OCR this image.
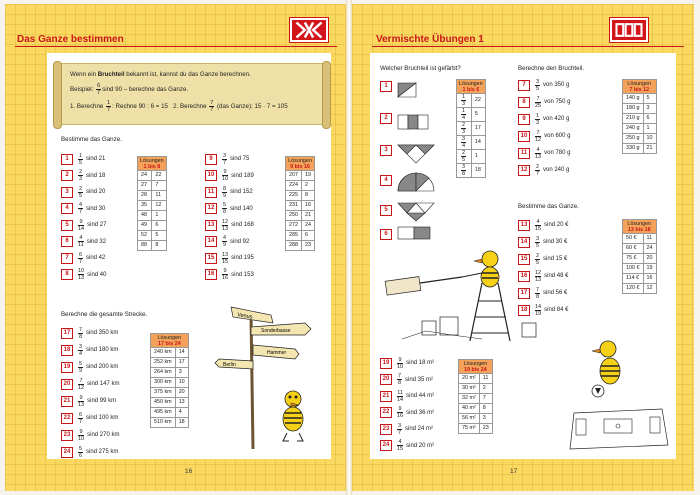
Das Ganze bestimmen
Wenn ein Bruchteil bekannt ist, kannst du das Ganze berechnen.
Beispiel: $\frac{6}{7}$ sind 90 – berechne das Ganze.
1. Berechne $\frac{1}{7}$ : Rechne 90 : 6 = 15 2. Berechne $\frac{7}{7} (das$ Ganze): 15 · 7 = 105
Bestimme das Ganze.
1	$\frac{1}{5}$ sind 21
2	$\frac{2}{3}$ sind 18
3	$\frac{2}{5}$ sind 20
4	$\frac{4}{7}$ sind 30
5	$\frac{9}{14}$ sind 27
6	$\frac{4}{11}$ sind 32
7	$\frac{6}{7}$ sind 42
8	$\frac{10}{13}$ sind 40
Lösungen
1 bis 8	

24	22
27	7
28	11
35	12
48	1
49	6
52	5
88	8
9	$\frac{3}{7}$ sind 75
10	$\frac{9}{10}$ sind 189
11	$\frac{8}{9}$ sind 152
12	$\frac{5}{8}$ sind 140
13	$\frac{12}{13}$ sind 168
14	$\frac{4}{9}$ sind 92
15	$\frac{13}{15}$ sind 195
16	$\frac{9}{16}$ sind 153
Lösungen
9 bis 16	

207	19
224	2
225	8
231	16
250	21
272	24
285	6
288	23
Berechne die gesamte Strecke.
17	$\frac{7}{8}$ sind 350 km
18	$\frac{3}{4}$ sind 180 km
19	$\frac{5}{9}$ sind 200 km
20	$\frac{7}{12}$ sind 147 km
21	$\frac{9}{13}$ sind 99 km
22	$\frac{6}{7}$ sind 100 km
23	$\frac{9}{10}$ sind 270 km
24	$\frac{5}{6}$ sind 275 km
Lösungen
17 bis 24	

240 km	14
252 km	17
264 km	3
300 km	10
375 km	20
450 km	13
495 km	4
510 km	18
Venus
Sonderbasse
Hammer
Berlin
16
Vermischte Übungen 1
Welcher Bruchteil ist gefärbt?
1
2
3
4
5
6
Lösungen
1 bis 6	

$\frac{1}{3}$	22

$\frac{1}{4}$	5

$\frac{2}{3}$	17

$\frac{3}{4}$	14

$\frac{2}{5}$	1

$\frac{3}{8}$	18
Berechne den Bruchteil.
7	$\frac{3}{5}$ von 350 g
8	$\frac{7}{25}$ von 750 g
9	$\frac{1}{3}$ von 420 g
10	$\frac{7}{12}$ von 600 g
11	$\frac{4}{13}$ von 780 g
12	$\frac{2}{7}$ von 240 g
Lösungen
7 bis 12	

140 g	5
180 g	3
210 g	6
240 g	1
250 g	10
330 g	21
Bestimme das Ganze.
13	$\frac{4}{15}$ sind 20 €
14	$\frac{3}{5}$ sind 30 €
15	$\frac{2}{5}$ sind 15 €
16	$\frac{12}{13}$ sind 48 €
17	$\frac{7}{8}$ sind 56 €
18	$\frac{14}{19}$ sind 84 €
Lösungen
13 bis 18	

50 €	11
60 €	24
75 €	20
100 €	19
114 €	16
120 €	12
19	$\frac{9}{10}$ sind 18 m²
20	$\frac{7}{8}$ sind 35 m²
21	$\frac{11}{14}$ sind 44 m²
22	$\frac{9}{16}$ sind 36 m²
23	$\frac{3}{7}$ sind 24 m²
24	$\frac{4}{15}$ sind 20 m²
Lösungen
19 bis 24	

20 m²	11
30 m²	2
32 m²	7
40 m²	8
56 m²	3
75 m²	23
17
